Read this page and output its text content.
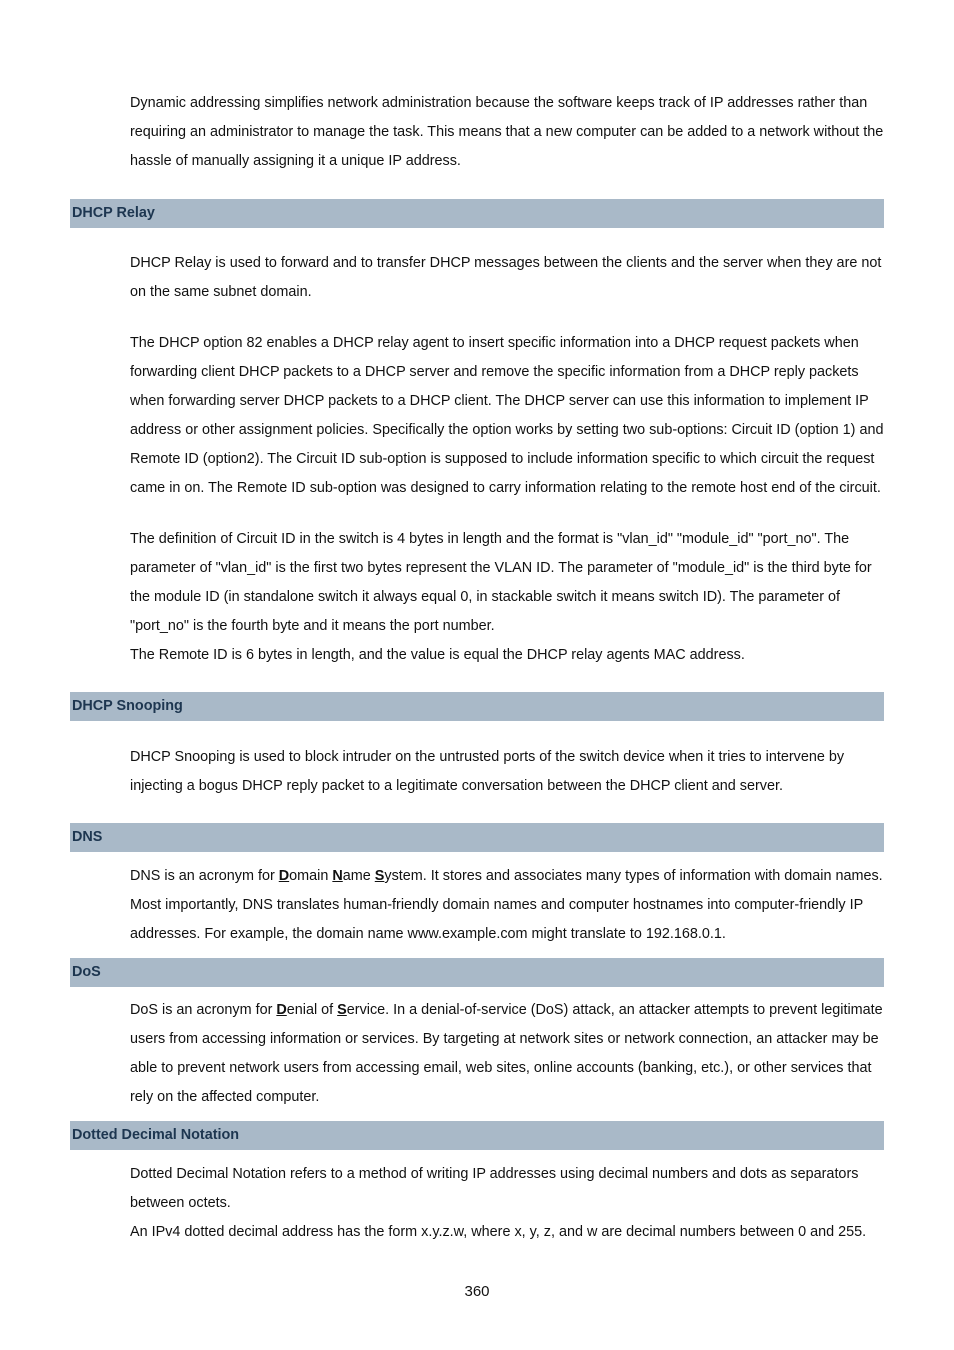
Dynamic addressing simplifies network administration because the software keeps track of IP addresses rather than
requiring an administrator to manage the task. This means that a new computer can be added to a network without the
hassle of manually assigning it a unique IP address.

DHCP Relay

DHCP Relay is used to forward and to transfer DHCP messages between the clients and the server when they are not
on the same subnet domain.

The DHCP option 82 enables a DHCP relay agent to insert specific information into a DHCP request packets when
forwarding client DHCP packets to a DHCP server and remove the specific information from a DHCP reply packets
when forwarding server DHCP packets to a DHCP client. The DHCP server can use this information to implement IP
address or other assignment policies. Specifically the option works by setting two sub-options: Circuit ID (option 1) and
Remote ID (option2). The Circuit ID sub-option is supposed to include information specific to which circuit the request
came in on. The Remote ID sub-option was designed to carry information relating to the remote host end of the circuit.

The definition of Circuit ID in the switch is 4 bytes in length and the format is "vlan_id" "module_id" "port_no". The
parameter of "vlan_id" is the first two bytes represent the VLAN ID. The parameter of "module_id" is the third byte for
the module ID (in standalone switch it always equal 0, in stackable switch it means switch ID). The parameter of
"port_no" is the fourth byte and it means the port number.
The Remote ID is 6 bytes in length, and the value is equal the DHCP relay agents MAC address.

DHCP Snooping

DHCP Snooping is used to block intruder on the untrusted ports of the switch device when it tries to intervene by
injecting a bogus DHCP reply packet to a legitimate conversation between the DHCP client and server.

DNS

DNS is an acronym for Domain Name System. It stores and associates many types of information with domain names.
Most importantly, DNS translates human-friendly domain names and computer hostnames into computer-friendly IP
addresses. For example, the domain name www.example.com might translate to 192.168.0.1.

DoS

DoS is an acronym for Denial of Service. In a denial-of-service (DoS) attack, an attacker attempts to prevent legitimate
users from accessing information or services. By targeting at network sites or network connection, an attacker may be
able to prevent network users from accessing email, web sites, online accounts (banking, etc.), or other services that
rely on the affected computer.

Dotted Decimal Notation

Dotted Decimal Notation refers to a method of writing IP addresses using decimal numbers and dots as separators
between octets.
An IPv4 dotted decimal address has the form x.y.z.w, where x, y, z, and w are decimal numbers between 0 and 255.

360
